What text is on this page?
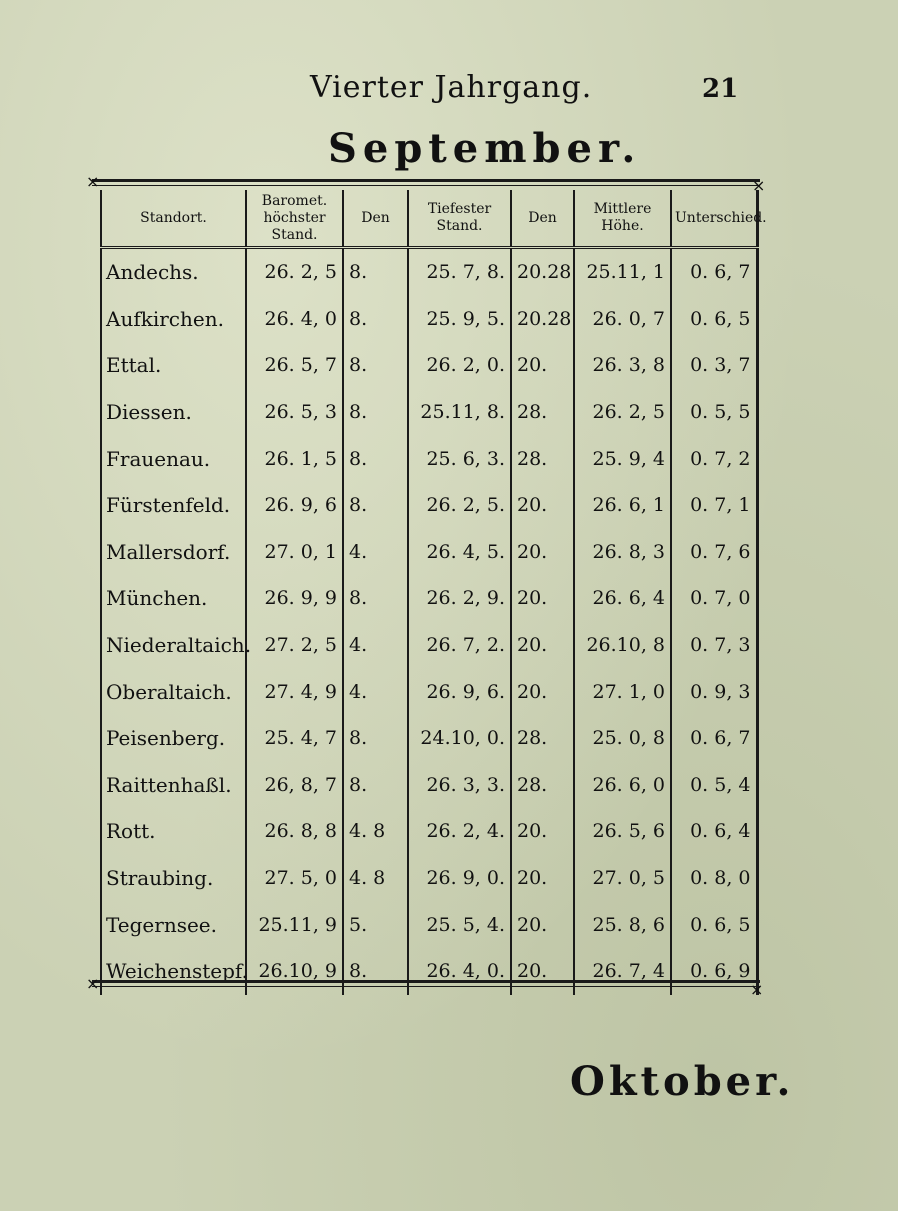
Vierter Jahrgang.	21
September.
×	×
Standort.	Baromet. höchster Stand.	Den	Tiefester Stand.	Den	Mittlere Höhe.	Unterschied.
Andechs.	26. 2, 5	8.	25. 7, 8.	20.28	25.11, 1	0. 6, 7
Aufkirchen.	26. 4, 0	8.	25. 9, 5.	20.28	26. 0, 7	0. 6, 5
Ettal.	26. 5, 7	8.	26. 2, 0.	20.	26. 3, 8	0. 3, 7
Diessen.	26. 5, 3	8.	25.11, 8.	28.	26. 2, 5	0. 5, 5
Frauenau.	26. 1, 5	8.	25. 6, 3.	28.	25. 9, 4	0. 7, 2
Fürstenfeld.	26. 9, 6	8.	26. 2, 5.	20.	26. 6, 1	0. 7, 1
Mallersdorf.	27. 0, 1	4.	26. 4, 5.	20.	26. 8, 3	0. 7, 6
München.	26. 9, 9	8.	26. 2, 9.	20.	26. 6, 4	0. 7, 0
Niederaltaich.	27. 2, 5	4.	26. 7, 2.	20.	26.10, 8	0. 7, 3
Oberaltaich.	27. 4, 9	4.	26. 9, 6.	20.	27. 1, 0	0. 9, 3
Peisenberg.	25. 4, 7	8.	24.10, 0.	28.	25. 0, 8	0. 6, 7
Raittenhaßl.	26, 8, 7	8.	26. 3, 3.	28.	26. 6, 0	0. 5, 4
Rott.	26. 8, 8	4. 8	26. 2, 4.	20.	26. 5, 6	0. 6, 4
Straubing.	27. 5, 0	4. 8	26. 9, 0.	20.	27. 0, 5	0. 8, 0
Tegernsee.	25.11, 9	5.	25. 5, 4.	20.	25. 8, 6	0. 6, 5
Weichenstepf.	26.10, 9	8.	26. 4, 0.	20.	26. 7, 4	0. 6, 9
×	×
Oktober.
